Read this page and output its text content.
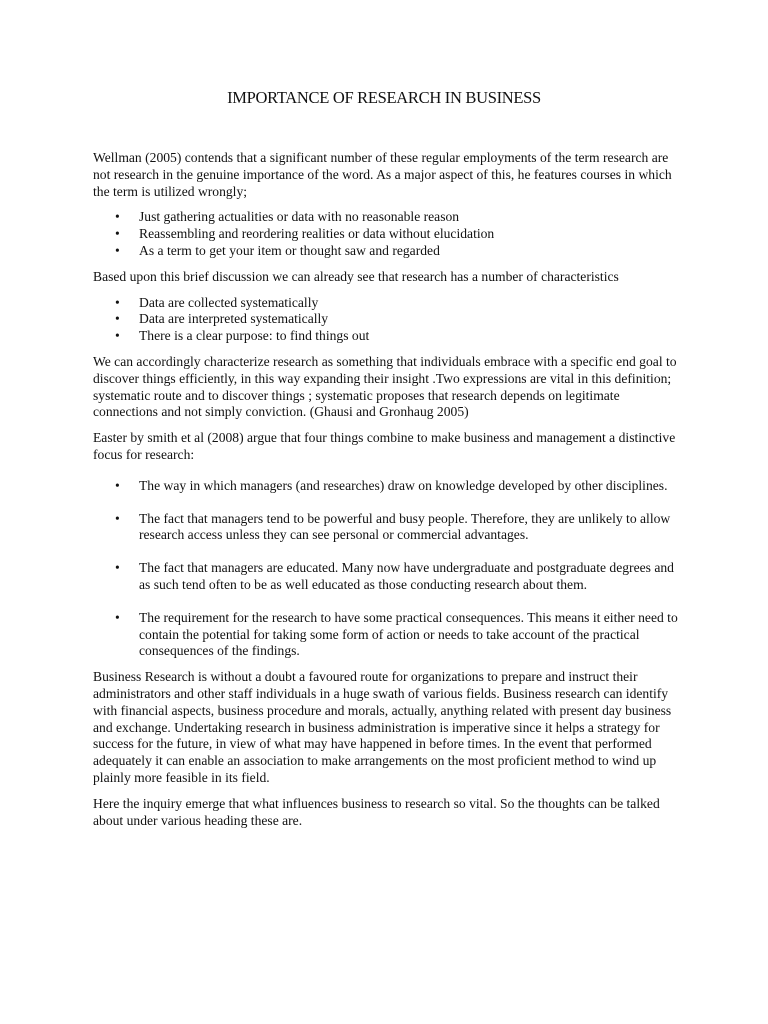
IMPORTANCE OF RESEARCH IN BUSINESS

Wellman (2005) contends that a significant number of these regular employments of the term research are not research in the genuine importance of the word. As a major aspect of this, he features courses in which the term is utilized wrongly;

• Just gathering actualities or data with no reasonable reason
• Reassembling and reordering realities or data without elucidation
• As a term to get your item or thought saw and regarded

Based upon this brief discussion we can already see that research has a number of characteristics

• Data are collected systematically
• Data are interpreted systematically
• There is a clear purpose: to find things out

We can accordingly characterize research as something that individuals embrace with a specific end goal to discover things efficiently, in this way expanding their insight .Two expressions are vital in this definition; systematic route and to discover things ; systematic proposes that research depends on legitimate connections and not simply conviction. (Ghausi and Gronhaug 2005)

Easter by smith et al (2008) argue that four things combine to make business and management a distinctive focus for research:

• The way in which managers (and researches) draw on knowledge developed by other disciplines.
• The fact that managers tend to be powerful and busy people. Therefore, they are unlikely to allow research access unless they can see personal or commercial advantages.
• The fact that managers are educated. Many now have undergraduate and postgraduate degrees and as such tend often to be as well educated as those conducting research about them.
• The requirement for the research to have some practical consequences. This means it either need to contain the potential for taking some form of action or needs to take account of the practical consequences of the findings.

Business Research is without a doubt a favoured route for organizations to prepare and instruct their administrators and other staff individuals in a huge swath of various fields. Business research can identify with financial aspects, business procedure and morals, actually, anything related with present day business and exchange. Undertaking research in business administration is imperative since it helps a strategy for success for the future, in view of what may have happened in before times. In the event that performed adequately it can enable an association to make arrangements on the most proficient method to wind up plainly more feasible in its field.

Here the inquiry emerge that what influences business to research so vital. So the thoughts can be talked about under various heading these are.
